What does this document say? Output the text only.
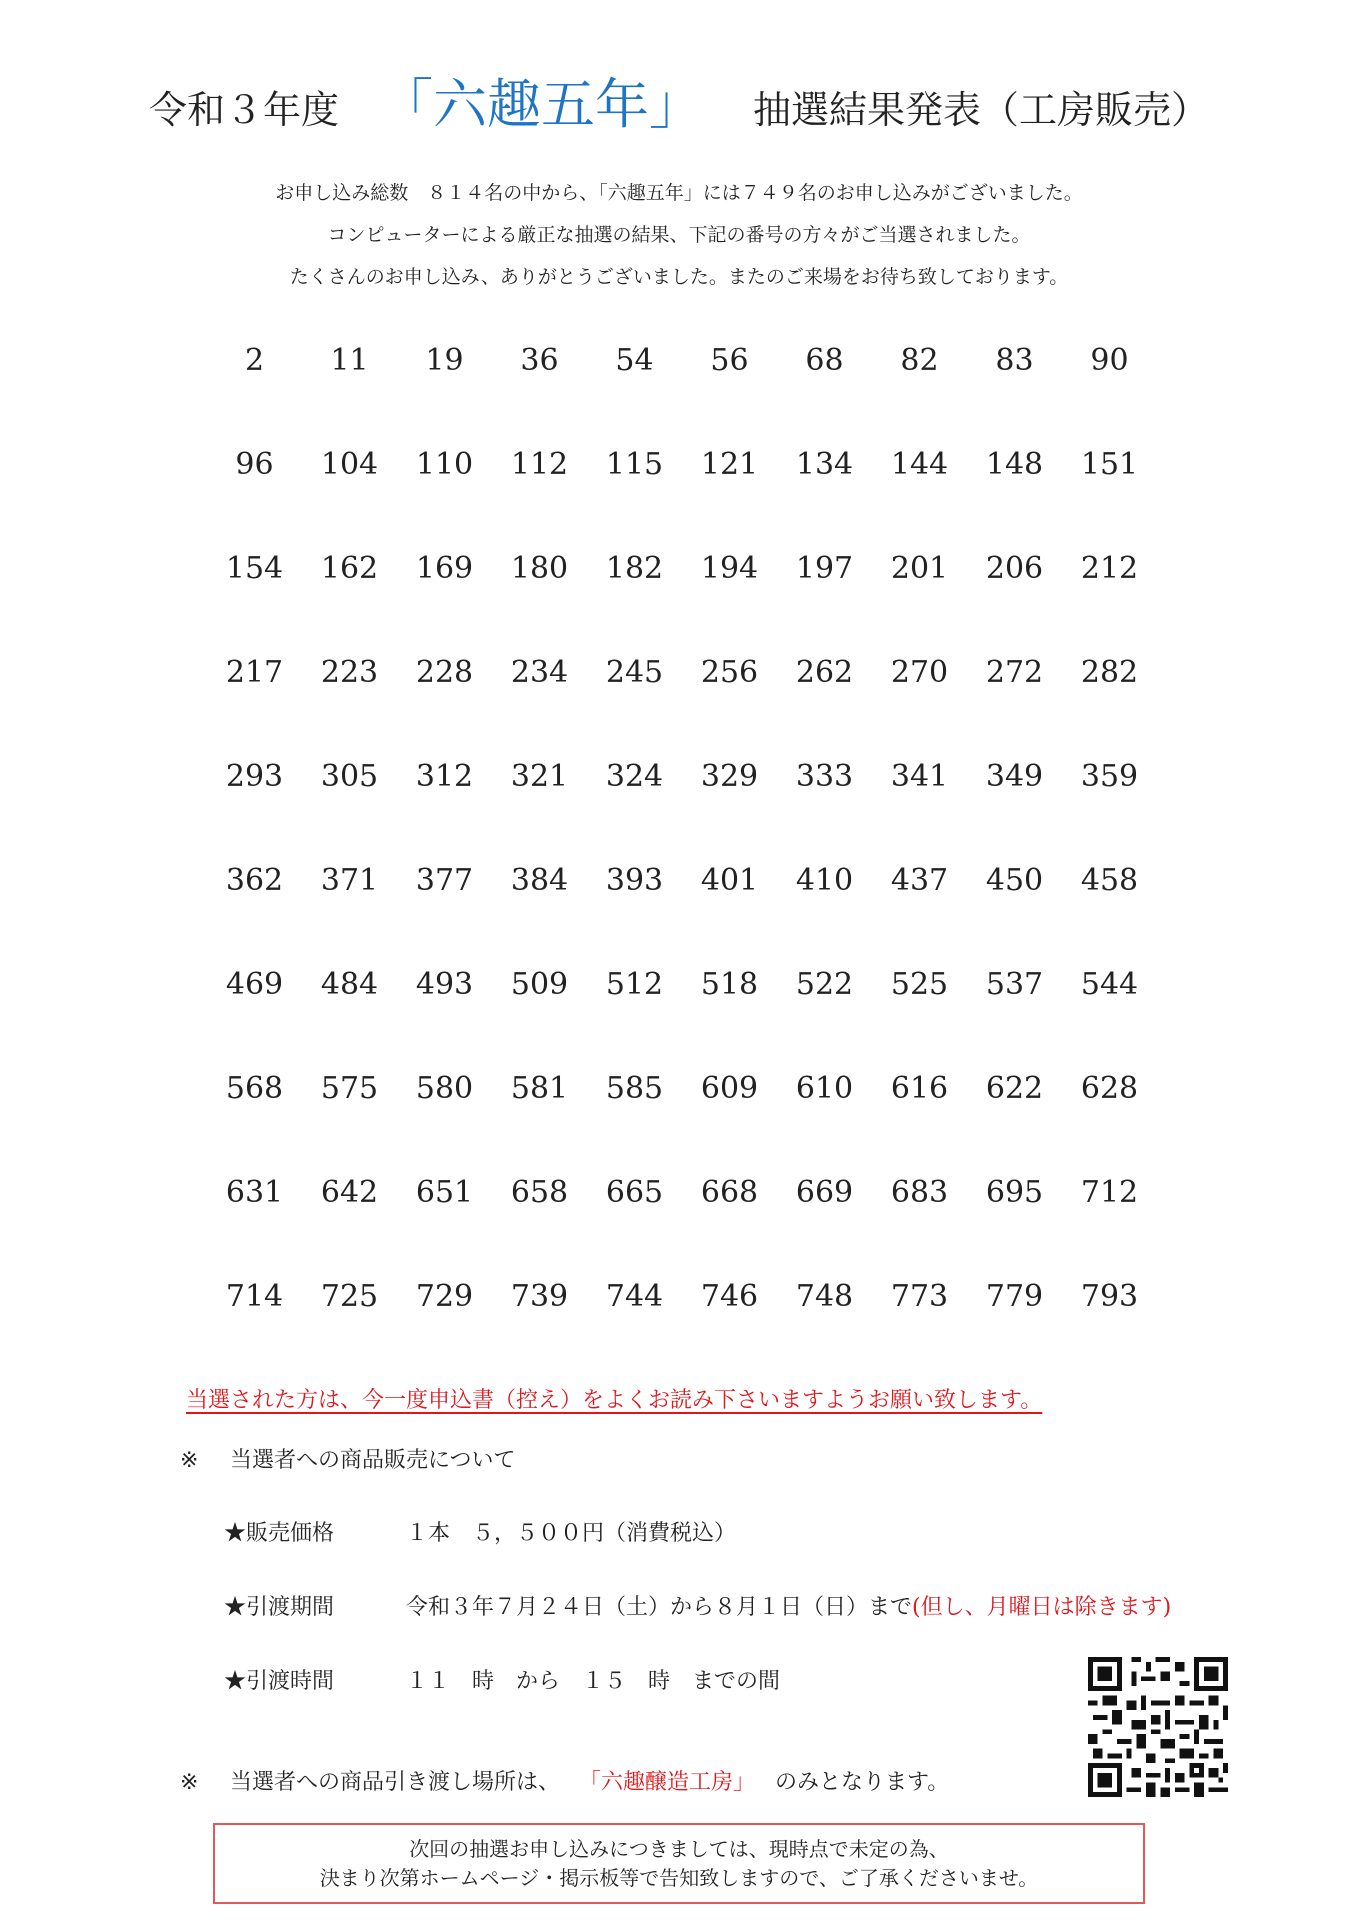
令和３年度 「六趣五年」 抽選結果発表（工房販売）
お申し込み総数　８１４名の中から、「六趣五年」には７４９名のお申し込みがございました。
コンピューターによる厳正な抽選の結果、下記の番号の方々がご当選されました。
たくさんのお申し込み、ありがとうございました。またのご来場をお待ち致しております。
2	11	19	36	54	56	68	82	83	90
96	104	110	112	115	121	134	144	148	151
154	162	169	180	182	194	197	201	206	212
217	223	228	234	245	256	262	270	272	282
293	305	312	321	324	329	333	341	349	359
362	371	377	384	393	401	410	437	450	458
469	484	493	509	512	518	522	525	537	544
568	575	580	581	585	609	610	616	622	628
631	642	651	658	665	668	669	683	695	712
714	725	729	739	744	746	748	773	779	793
当選された方は、今一度申込書（控え）をよくお読み下さいますようお願い致します。
※ 当選者への商品販売について
★販売価格	１本　５，５００円（消費税込）
★引渡期間	令和３年７月２４日（土）から８月１日（日）まで(但し、月曜日は除きます)
★引渡時間	１１　時　から　１５　時　までの間
※ 当選者への商品引き渡し場所は、 「六趣醸造工房」 のみとなります。
次回の抽選お申し込みにつきましては、現時点で未定の為、
決まり次第ホームページ・掲示板等で告知致しますので、ご了承くださいませ。
